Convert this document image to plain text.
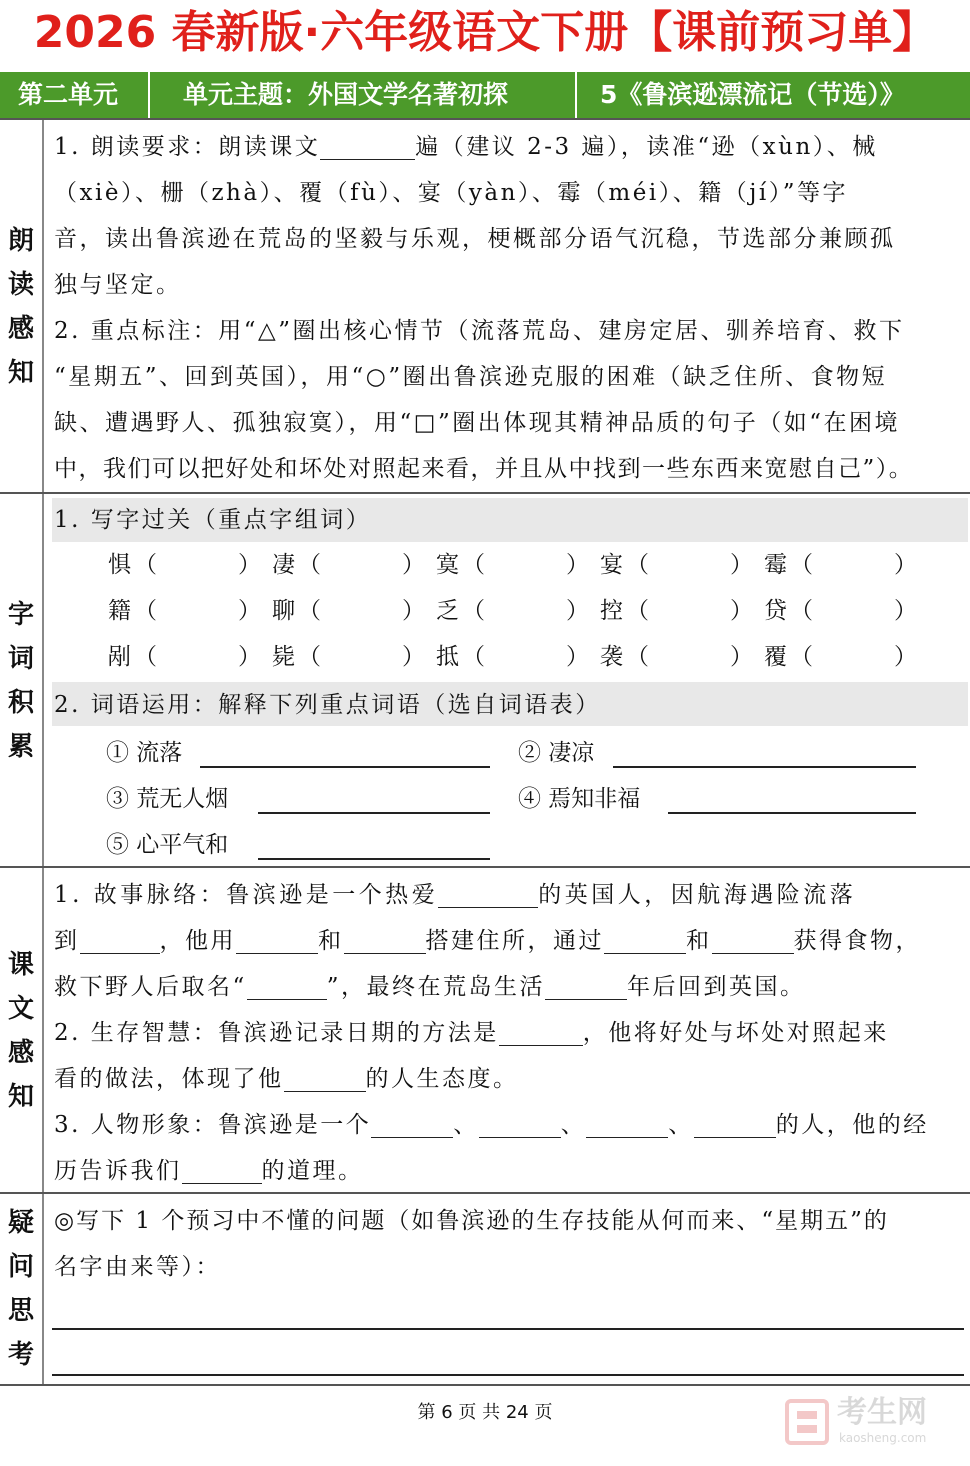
2026 春新版·六年级语文下册【课前预习单】
第二单元	单元主题：外国文学名著初探	5《鲁滨逊漂流记（节选）》
朗
读
感
知
1. 朗读要求：朗读课文	遍（建议 2-3 遍），读准“逊（xùn）、械
（xiè）、栅（zhà）、覆（fù）、宴（yàn）、霉（méi）、籍（jí）”等字
音，读出鲁滨逊在荒岛的坚毅与乐观，梗概部分语气沉稳，节选部分兼顾孤
独与坚定。
2. 重点标注：用“△”圈出核心情节（流落荒岛、建房定居、驯养培育、救下
“星期五”、回到英国），用“○”圈出鲁滨逊克服的困难（缺乏住所、食物短
缺、遭遇野人、孤独寂寞），用“□”圈出体现其精神品质的句子（如“在困境
中，我们可以把好处和坏处对照起来看，并且从中找到一些东西来宽慰自己”）。
字
词
积
累
1. 写字过关（重点字组词）
惧 （	） 凄 （	） 寞 （	） 宴 （	） 霉 （	）
籍 （	） 聊 （	） 乏 （	） 控 （	） 贷 （	）
剐 （	） 毙 （	） 抵 （	） 袭 （	） 覆 （	）
2. 词语运用：解释下列重点词语（选自词语表）
① 流落	② 凄凉
③ 荒无人烟	④ 焉知非福
⑤ 心平气和
课
文
感
知
1. 故事脉络：鲁滨逊是一个热爱	的英国人，因航海遇险流落
到	，他用	和	搭建住所，通过	和	获得食物，
救下野人后取名“	”，最终在荒岛生活	年后回到英国。
2. 生存智慧：鲁滨逊记录日期的方法是	，他将好处与坏处对照起来
看的做法，体现了他	的人生态度。
3. 人物形象：鲁滨逊是一个	、	、	、	的人，他的经
历告诉我们	的道理。
疑
问
思
考
◎写下 1 个预习中不懂的问题（如鲁滨逊的生存技能从何而来、“星期五”的
名字由来等）：
第 6 页 共 24 页	考生网
kaosheng.com
